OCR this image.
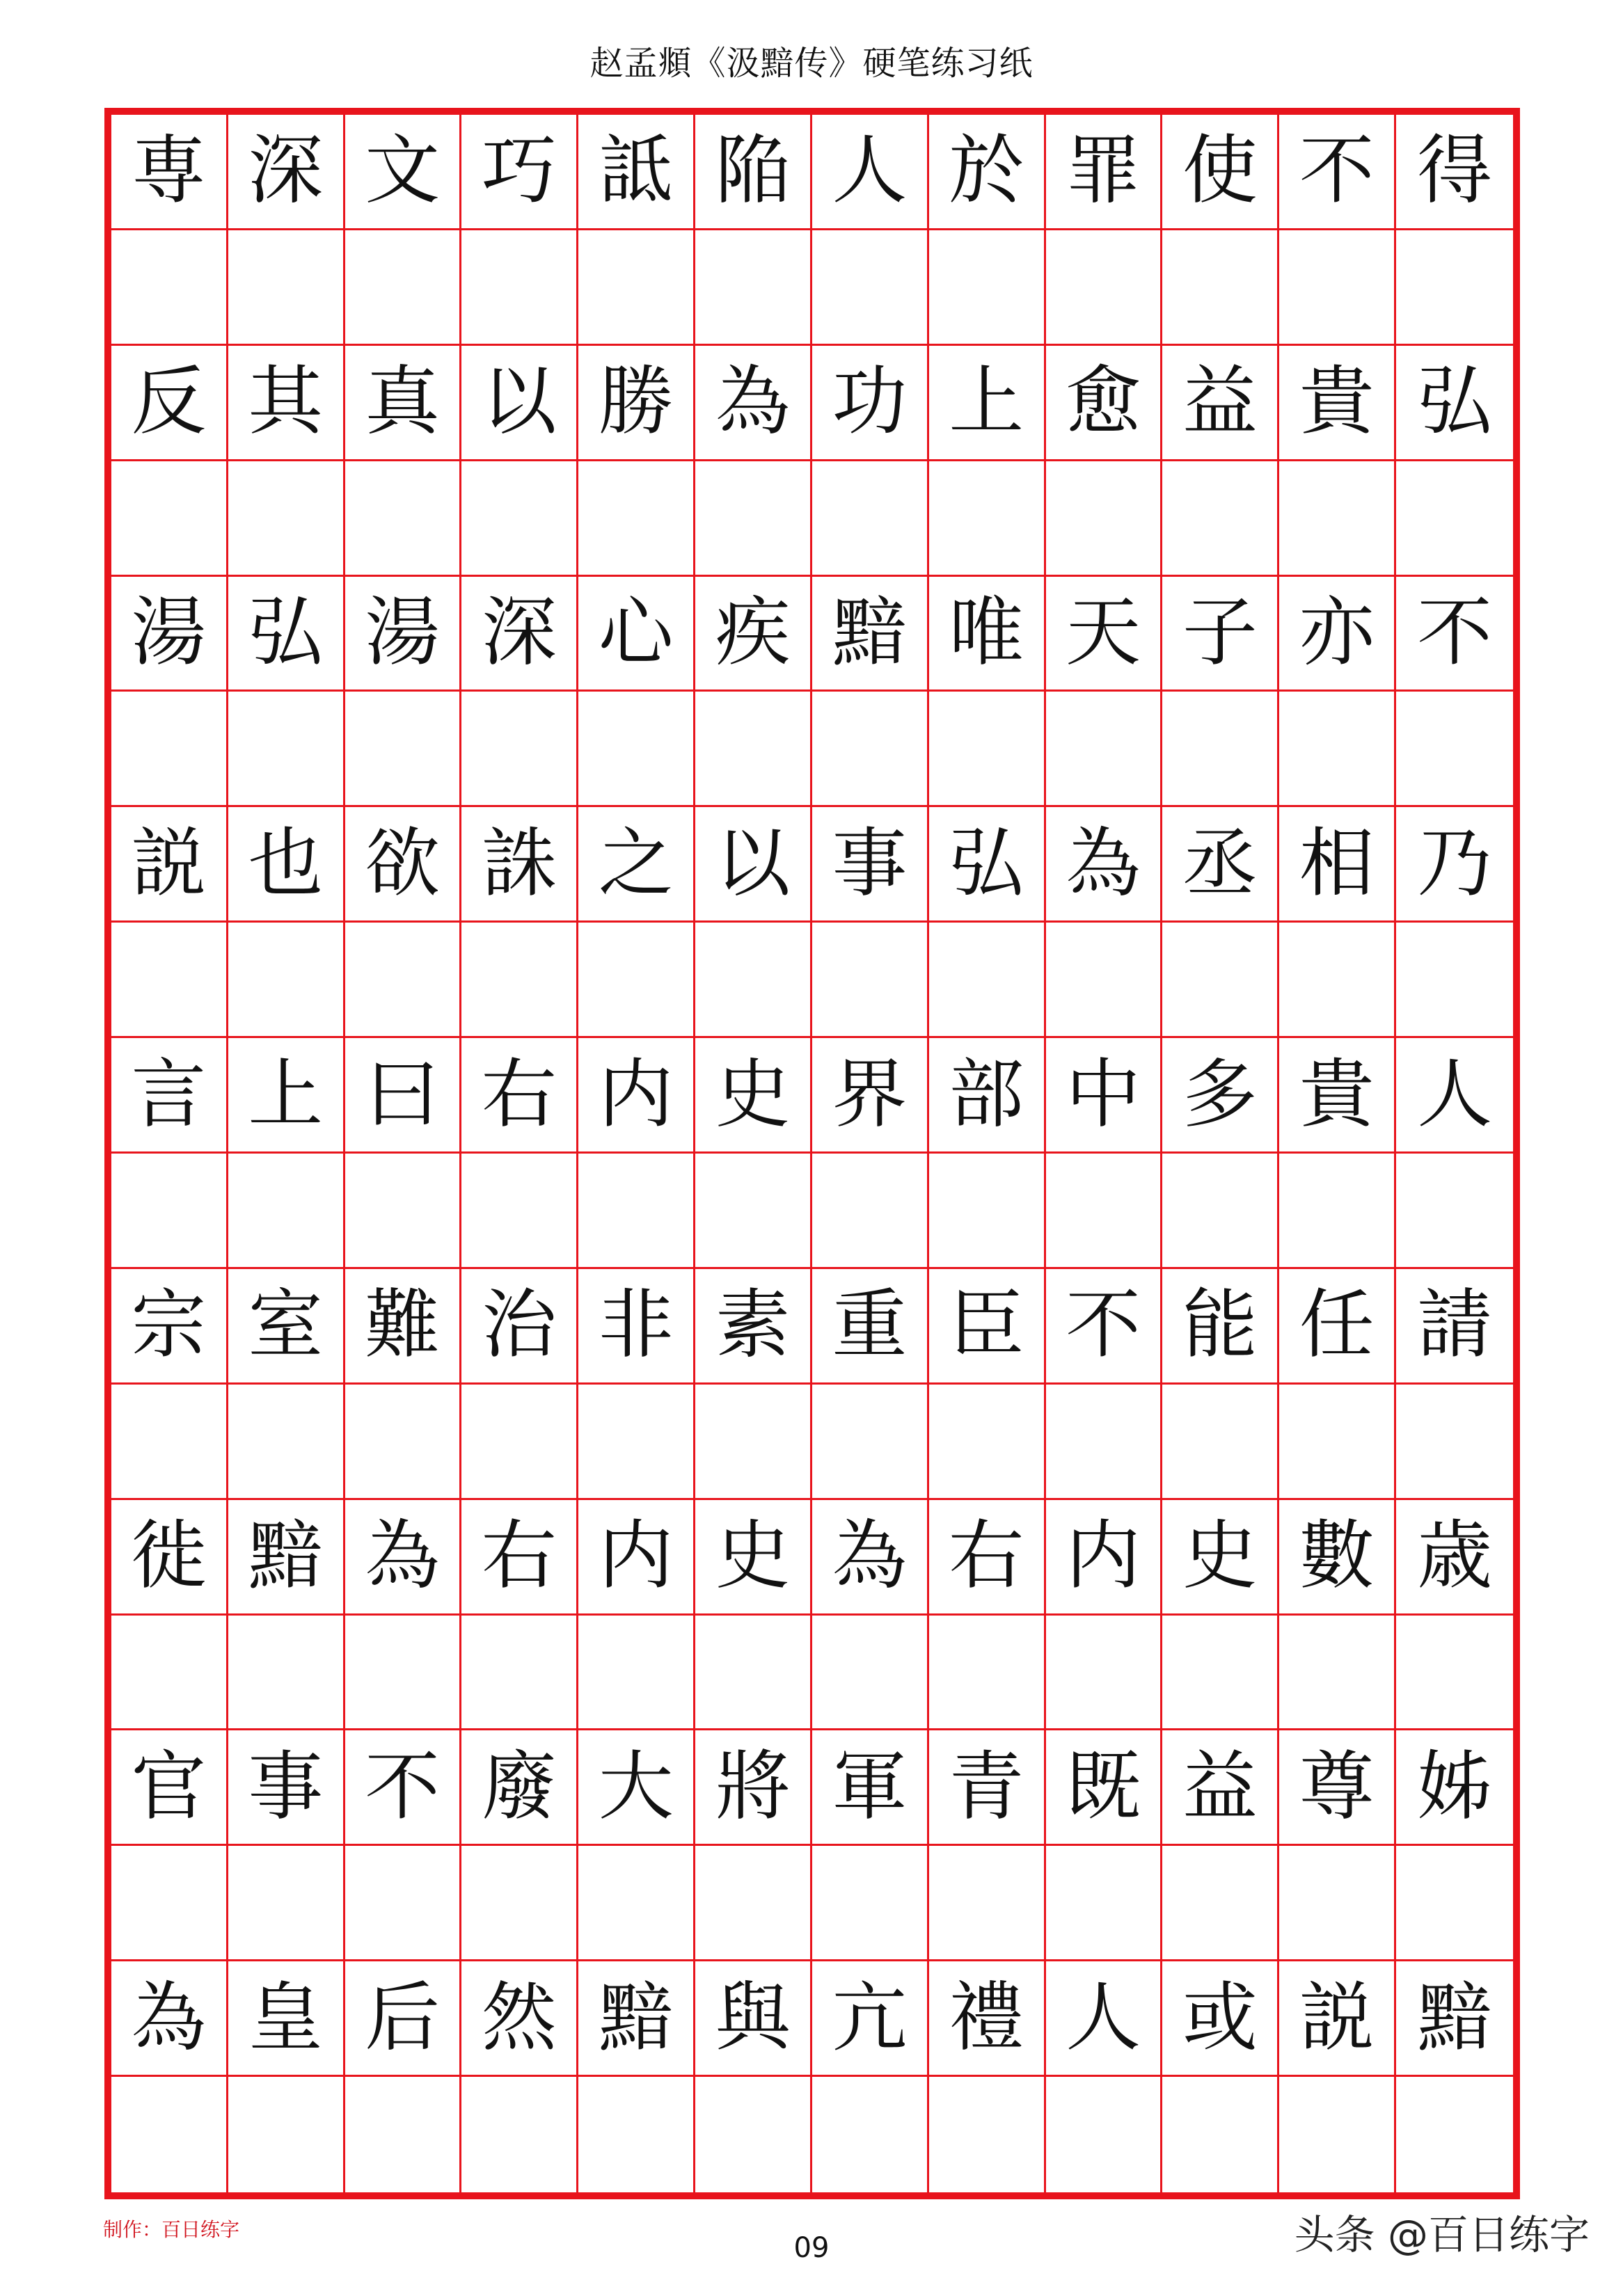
赵孟頫《汲黯传》硬笔练习纸
専 深 文 巧 詆 陥 人 於 罪 使 不 得
反 其 真 以 勝 為 功 上 愈 益 貴 弘
湯 弘 湯 深 心 疾 黯 唯 天 子 亦 不
説 也 欲 誅 之 以 事 弘 為 丞 相 乃
言 上 曰 右 内 史 界 部 中 多 貴 人
宗 室 難 治 非 素 重 臣 不 能 任 請
徙 黯 為 右 内 史 為 右 内 史 數 歳
官 事 不 廢 大 將 軍 青 既 益 尊 姊
為 皇 后 然 黯 與 亢 禮 人 或 説 黯
制作：百日练字
09	头条 @百日练字
